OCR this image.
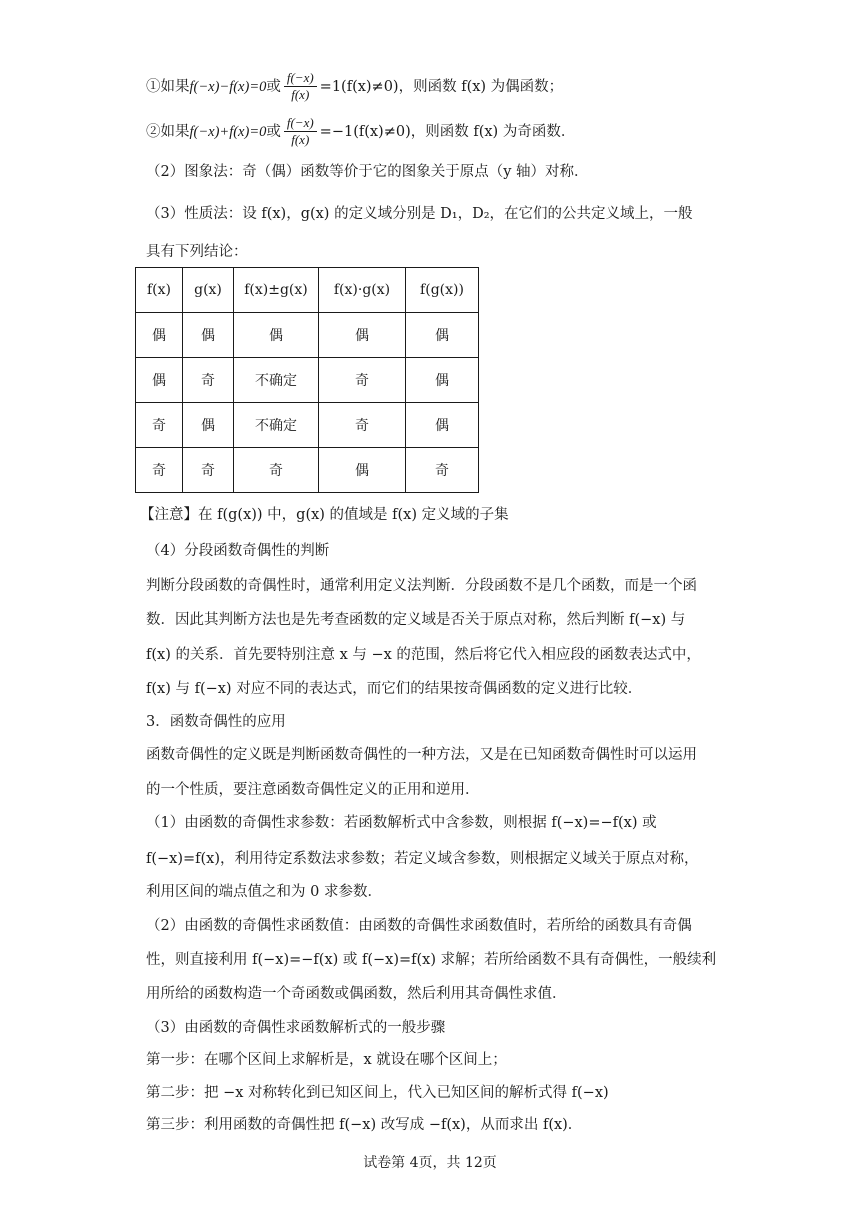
①如果 f(−x)−f(x)=0 或 $\frac{f(-x)}{f(x)} =1(f(x)\ne 0)$，则函数 f(x) 为偶函数；
②如果 f(−x)+f(x)=0 或 $\frac{f(-x)}{f(x)} =-1(f(x)\ne 0)$，则函数 f(x) 为奇函数．
（2）图象法：奇（偶）函数等价于它的图象关于原点（y 轴）对称．
（3）性质法：设 f(x)，g(x) 的定义域分别是 D₁，D₂，在它们的公共定义域上，一般
具有下列结论：
f(x)	g(x)	f(x)±g(x)	f(x)·g(x)	f(g(x))
偶	偶	偶	偶	偶
偶	奇	不确定	奇	偶
奇	偶	不确定	奇	偶
奇	奇	奇	偶	奇
【注意】在 f(g(x)) 中，g(x) 的值域是 f(x) 定义域的子集
（4）分段函数奇偶性的判断
判断分段函数的奇偶性时，通常利用定义法判断．分段函数不是几个函数，而是一个函
数．因此其判断方法也是先考查函数的定义域是否关于原点对称，然后判断 f(−x) 与
f(x) 的关系．首先要特别注意 x 与 −x 的范围，然后将它代入相应段的函数表达式中，
f(x) 与 f(−x) 对应不同的表达式，而它们的结果按奇偶函数的定义进行比较．
3．函数奇偶性的应用
函数奇偶性的定义既是判断函数奇偶性的一种方法，又是在已知函数奇偶性时可以运用
的一个性质，要注意函数奇偶性定义的正用和逆用．
（1）由函数的奇偶性求参数：若函数解析式中含参数，则根据 f(−x)=−f(x) 或
f(−x)=f(x)，利用待定系数法求参数；若定义域含参数，则根据定义域关于原点对称，
利用区间的端点值之和为 0 求参数．
（2）由函数的奇偶性求函数值：由函数的奇偶性求函数值时，若所给的函数具有奇偶
性，则直接利用 f(−x)=−f(x) 或 f(−x)=f(x) 求解；若所给函数不具有奇偶性，一般续利
用所给的函数构造一个奇函数或偶函数，然后利用其奇偶性求值．
（3）由函数的奇偶性求函数解析式的一般步骤
第一步：在哪个区间上求解析是，x 就设在哪个区间上；
第二步：把 −x 对称转化到已知区间上，代入已知区间的解析式得 f(−x)
第三步：利用函数的奇偶性把 f(−x) 改写成 −f(x)，从而求出 f(x)．
试卷第 4页，共 12页
